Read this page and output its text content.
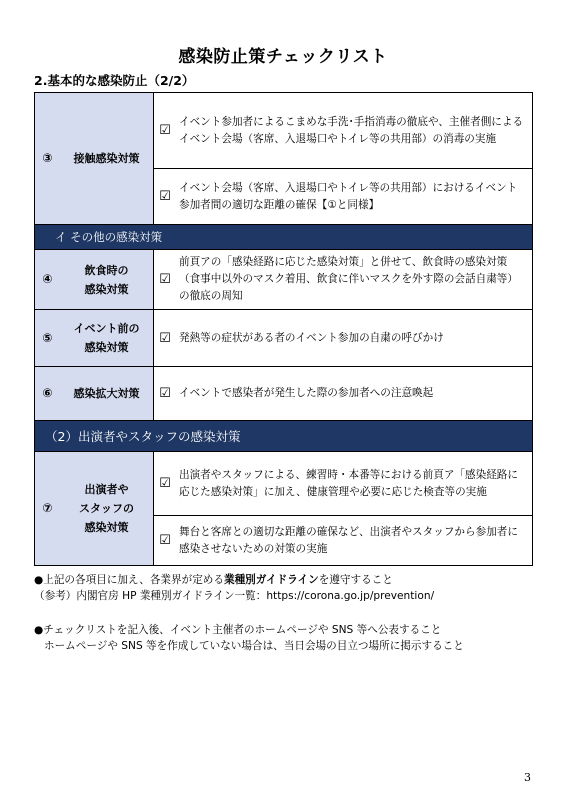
感染防止策チェックリスト
2.基本的な感染防止（2/2）
③	接触感染対策	☑	イベント参加者によるこまめな手洗･手指消毒の徹底や、主催者側によるイベント会場（客席、入退場口やトイレ等の共用部）の消毒の実施
		☑	イベント会場（客席、入退場口やトイレ等の共用部）におけるイベント参加者間の適切な距離の確保【①と同様】
イ その他の感染対策			
④	飲食時の
感染対策	☑	前頁アの「感染経路に応じた感染対策」と併せて、飲食時の感染対策（食事中以外のマスク着用、飲食に伴いマスクを外す際の会話自粛等）の徹底の周知
⑤	イベント前の
感染対策	☑	発熱等の症状がある者のイベント参加の自粛の呼びかけ
⑥	感染拡大対策	☑	イベントで感染者が発生した際の参加者への注意喚起
（2）出演者やスタッフの感染対策			
⑦	出演者や
スタッフの
感染対策	☑	出演者やスタッフによる、練習時・本番等における前頁ア「感染経路に応じた感染対策」に加え、健康管理や必要に応じた検査等の実施
		☑	舞台と客席との適切な距離の確保など、出演者やスタッフから参加者に感染させないための対策の実施

●上記の各項目に加え、各業界が定める業種別ガイドラインを遵守すること

（参考）内閣官房 HP 業種別ガイドライン一覧：https://corona.go.jp/prevention/

●チェックリストを記入後、イベント主催者のホームページや SNS 等へ公表すること

ホームページや SNS 等を作成していない場合は、当日会場の目立つ場所に掲示すること

3
